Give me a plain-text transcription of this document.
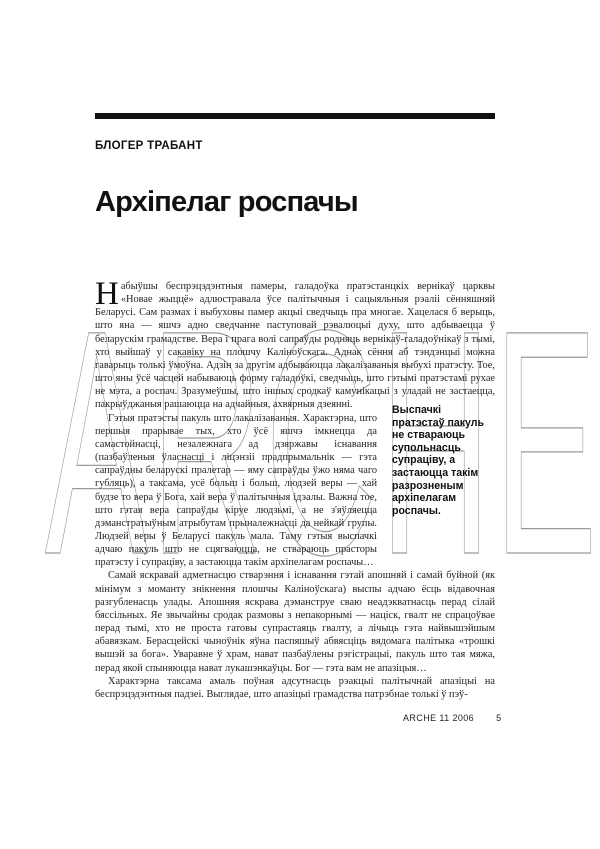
БЛОГЕР ТРАБАНТ
Архіпелаг роспачы
ARCHE

Набыўшы беспрэцэдэнтныя памеры, галадоўка пратэстанцкіх вернікаў царквы «Новае жыццё» адлюстравала ўсе палітычныя і сацыяльныя рэаліі сённяшняй Беларусі. Сам размах і выбуховы памер акцыі сведчыць пра многае. Хацелася б верыць, што яна — яшчэ адно сведчанне паступовай рэвалюцыі духу, што адбываецца ў беларускім грамадстве. Вера і прага волі сапраўды родняць вернікаў-галадоўнікаў з тымі, хто выйшаў у сакавіку на плошчу Каліноўскага. Аднак сёння аб тэндэнцыі можна гаварыць толькі ўмоўна. Адзін за другім адбываюцца лакалізаваныя выбухі пратэсту. Тое, што яны ўсё часцей набываюць форму галадоўкі, сведчыць, што гэтымі пратэстамі рухае не мэта, а роспач. Зразумеўшы, што іншых сродкаў камунікацыі з уладай не застаецца, пакрыўджаныя рашаюцца на адчайныя, ахвярныя дзеянні.

Гэтыя пратэсты пакуль што лакалізаваныя. Характэрна, што першыя прарывае тых, хто ўсё яшчэ імкнецца да самастойнасці, незалежнага ад дзяржавы існавання (пазбаўленыя ўласнасці і ліцэнзіі прадпрымальнік — гэта сапраўдны беларускі пралетар — яму сапраўды ўжо няма чаго губляць), а таксама, усё больш і больш, людзей веры — хай будзе то вера ў Бога, хай вера ў палітычныя ідэалы. Важна тое, што гэтая вера сапраўды кіруе людзьмі, а не з'яўляецца дэманстратыўным атрыбутам прыналежнасці да нейкай групы. Людзей веры ў Беларусі пакуль мала. Таму гэтыя выспачкі адчаю пакуль што не сцягваюцца, не ствараюць прасторы пратэсту і супраціву, а застаюцца такім архіпелагам роспачы…

Самай яскравай адметнасцю стварэння і існавання гэтай апошняй і самай буйной (як мінімум з моманту знікнення плошчы Каліноўскага) выспы адчаю ёсць відавочная разгубленасць улады. Апошняя яскрава дэманструе сваю неадэкватнасць перад сілай бяссільных. Яе звычайны сродак размовы з непакорнымі — націск, гвалт не спрацоўвае перад тымі, хто не проста гатовы супрастаяць гвалту, а лічыць гэта найвышэйшым абавязкам. Берасцейскі чыноўнік яўна паспяшыў абвясціць вядомага палітыка «трошкі вышэй за бога». Уваравне ў храм, нават пазбаўлены рэгістрацыі, пакуль што тая мяжа, перад якой спыняюцца нават лукашэнкаўцы. Бог — гэта вам не апазіцыя…

Характэрна таксама амаль поўная адсутнасць рэакцыі палітычнай апазіцыі на беспрэцэдэнтныя падзеі. Выглядае, што апазіцыі грамадства патрэбнае толькі ў пэў-

Выспачкі пратэстаў пакуль не ствараюць супольнасць супраціву, а застаюцца такім разрозненым архіпелагам роспачы.
ARCHE 11 2006 5
